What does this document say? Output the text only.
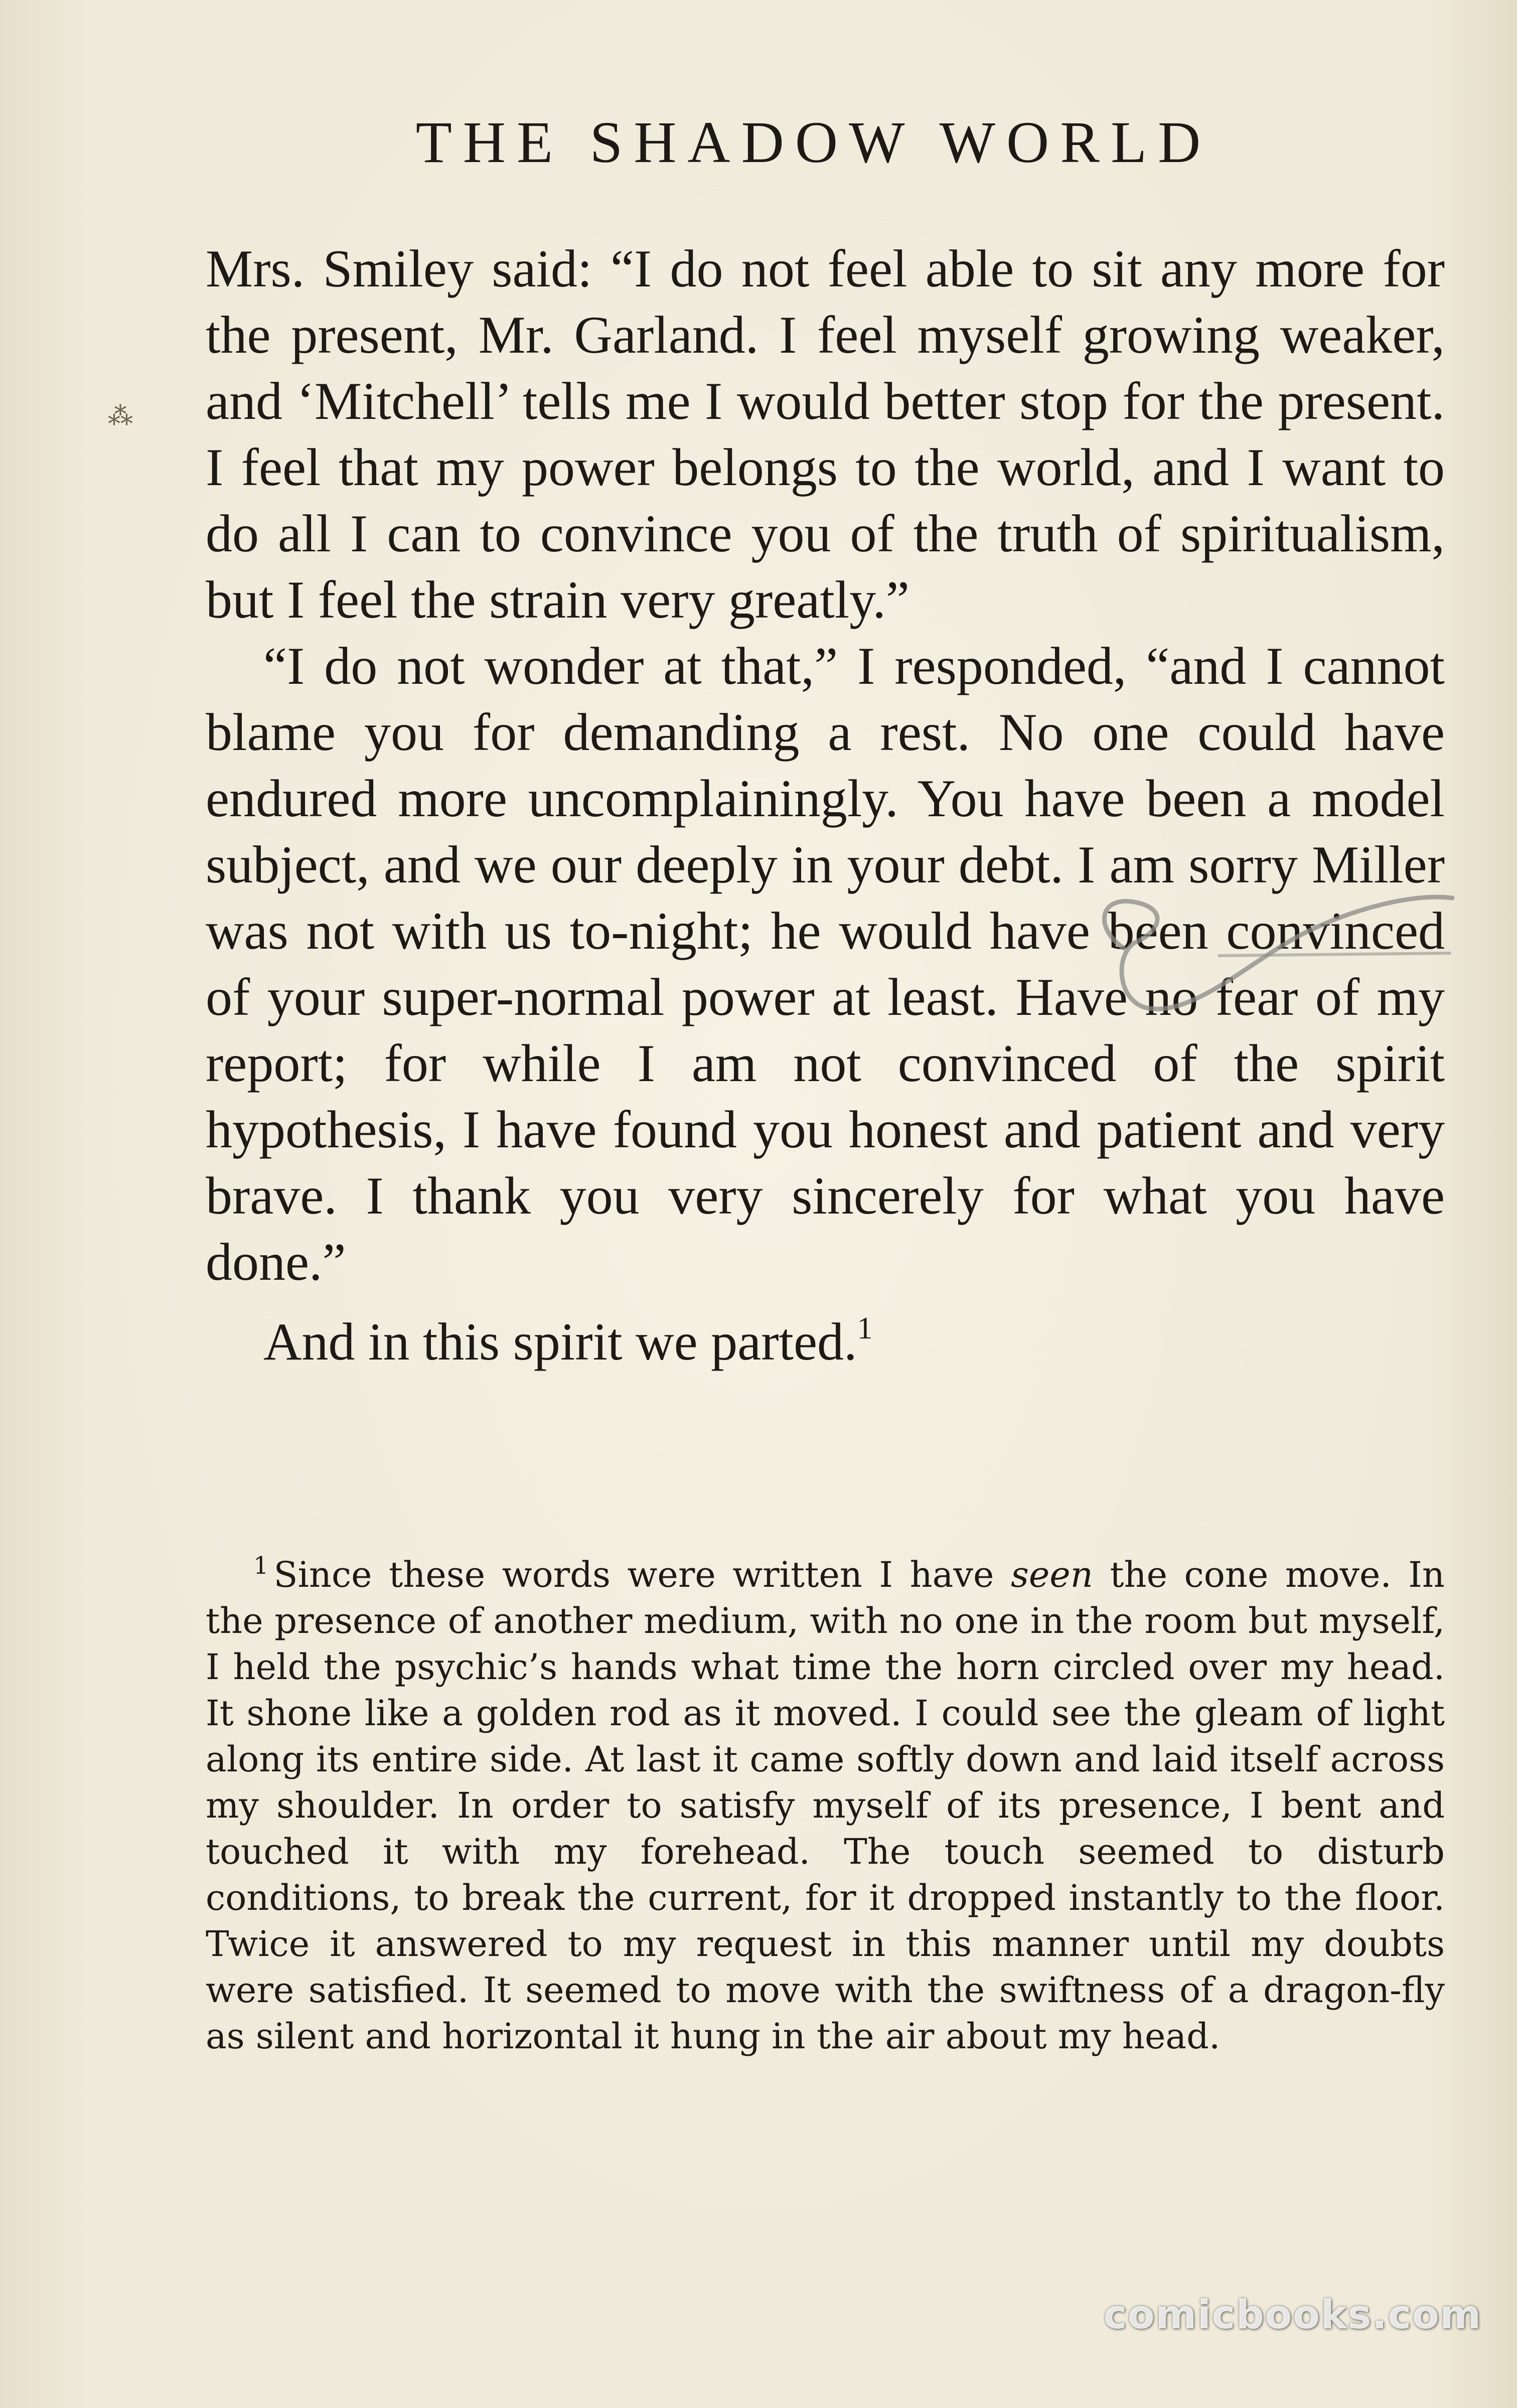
THE SHADOW WORLD
⁂

Mrs. Smiley said: “I do not feel able to sit any more for the present, Mr. Garland. I feel myself growing weaker, and ‘Mitchell’ tells me I would better stop for the present. I feel that my power belongs to the world, and I want to do all I can to convince you of the truth of spiritualism, but I feel the strain very greatly.”

“I do not wonder at that,” I responded, “and I cannot blame you for demanding a rest. No one could have endured more uncomplainingly. You have been a model subject, and we our deeply in your debt. I am sorry Miller was not with us to-night; he would have been convinced of your super-normal power at least. Have no fear of my report; for while I am not convinced of the spirit hypothesis, I have found you honest and patient and very brave. I thank you very sincerely for what you have done.”

And in this spirit we parted.$^1$

$^1$ Since these words were written I have seen the cone move. In the presence of another medium, with no one in the room but myself, I held the psychic’s hands what time the horn circled over my head. It shone like a golden rod as it moved. I could see the gleam of light along its entire side. At last it came softly down and laid itself across my shoulder. In order to satisfy myself of its presence, I bent and touched it with my forehead. The touch seemed to disturb conditions, to break the current, for it dropped instantly to the floor. Twice it answered to my request in this manner until my doubts were satisfied. It seemed to move with the swiftness of a dragon-fly as silent and horizontal it hung in the air about my head.
comicbooks.com
